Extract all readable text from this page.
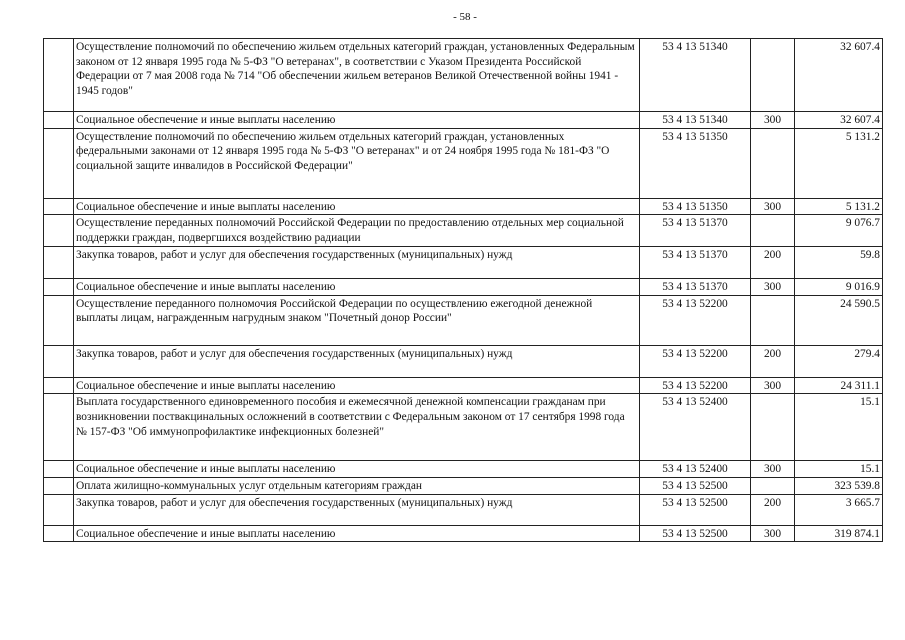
- 58 -

	Осуществление полномочий по обеспечению жильем отдельных категорий граждан, установленных Федеральным законом от 12 января 1995 года № 5-ФЗ "О ветеранах", в соответствии с Указом Президента Российской Федерации от 7 мая 2008 года № 714 "Об обеспечении жильем ветеранов Великой Отечественной войны 1941 - 1945 годов"	53 4 13 51340		32 607.4

	Социальное обеспечение и иные выплаты населению	53 4 13 51340	300	32 607.4

	Осуществление полномочий по обеспечению жильем отдельных категорий граждан, установленных федеральными законами от 12 января 1995 года № 5-ФЗ "О ветеранах" и от 24 ноября 1995 года № 181-ФЗ "О социальной защите инвалидов в Российской Федерации"	53 4 13 51350		5 131.2

	Социальное обеспечение и иные выплаты населению	53 4 13 51350	300	5 131.2

	Осуществление переданных полномочий Российской Федерации по предоставлению отдельных мер социальной поддержки граждан, подвергшихся воздействию радиации	53 4 13 51370		9 076.7

	Закупка товаров, работ и услуг для обеспечения государственных (муниципальных) нужд	53 4 13 51370	200	59.8

	Социальное обеспечение и иные выплаты населению	53 4 13 51370	300	9 016.9

	Осуществление переданного полномочия Российской Федерации по осуществлению ежегодной денежной выплаты лицам, награжденным нагрудным знаком "Почетный донор России"	53 4 13 52200		24 590.5

	Закупка товаров, работ и услуг для обеспечения государственных (муниципальных) нужд	53 4 13 52200	200	279.4

	Социальное обеспечение и иные выплаты населению	53 4 13 52200	300	24 311.1

	Выплата государственного единовременного пособия и ежемесячной денежной компенсации гражданам при возникновении поствакцинальных осложнений в соответствии с Федеральным законом от 17 сентября 1998 года № 157-ФЗ "Об иммунопрофилактике инфекционных болезней"	53 4 13 52400		15.1

	Социальное обеспечение и иные выплаты населению	53 4 13 52400	300	15.1

	Оплата жилищно-коммунальных услуг отдельным категориям граждан	53 4 13 52500		323 539.8

	Закупка товаров, работ и услуг для обеспечения государственных (муниципальных) нужд	53 4 13 52500	200	3 665.7

	Социальное обеспечение и иные выплаты населению	53 4 13 52500	300	319 874.1
